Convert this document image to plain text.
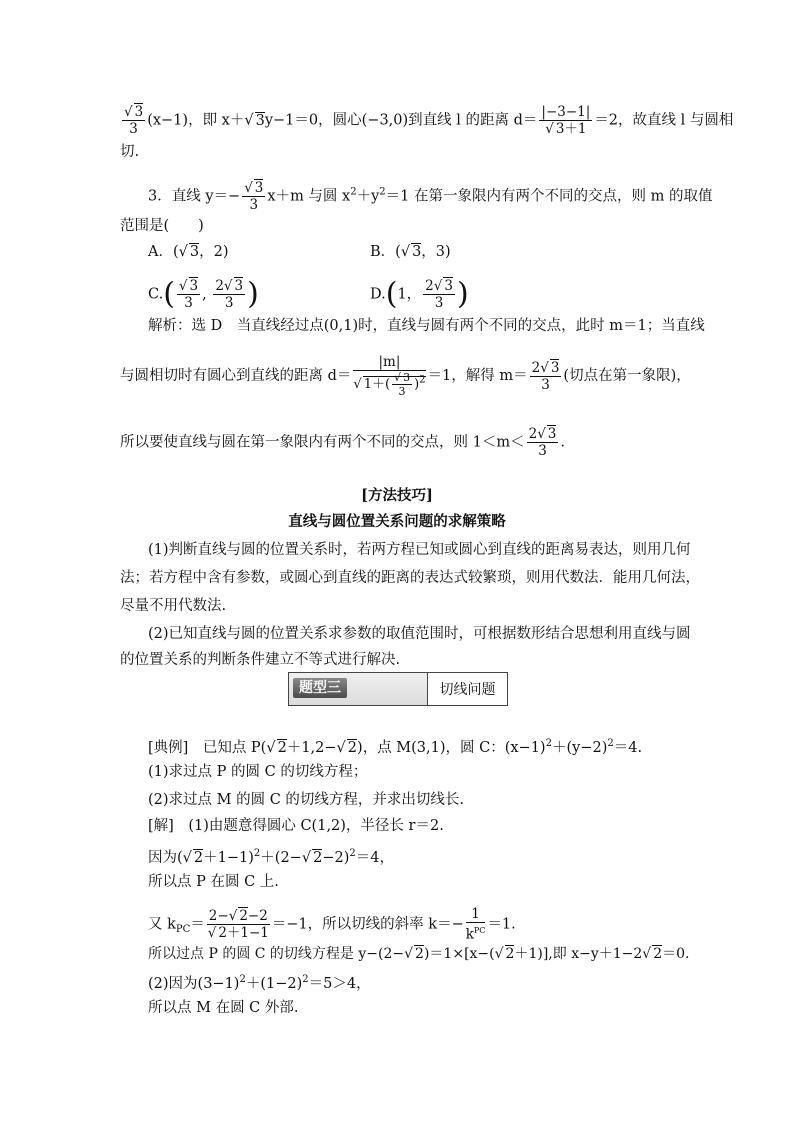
$\frac{√ 3}{3} (x-1)$，即 x＋√ 3y−1＝0，圆心(−3,0)到直线 l 的距离 $d= \frac{|-3-1|}{√ 3+1} =2$，故直线 l 与圆相
切.
3．直线 $y=- \frac{√ 3}{3} x+m$ 与圆 $x^2+y^2=1$ 在第一象限内有两个不同的交点，则 m 的取值
范围是(　　)
A．(√ 3，2)	B．(√ 3，3)
$C.( \frac{√ 3}{3}$ , $\frac{2√ 3}{3}$ )	D.(1， $\frac{2√ 3}{3}$ )
解析：选 D　当直线经过点(0,1)时，直线与圆有两个不同的交点，此时 m＝1；当直线
与圆相切时有圆心到直线的距离 $d= \frac{|m|}{√ 1+( \frac{√ 3}{3} )^2} =1$，解得 $m= \frac{2√ 3}{3}$ (切点在第一象限)，
所以要使直线与圆在第一象限内有两个不同的交点，则 $1<m< \frac{2√ 3}{3}$ .
[方法技巧]
直线与圆位置关系问题的求解策略
(1)判断直线与圆的位置关系时，若两方程已知或圆心到直线的距离易表达，则用几何
法；若方程中含有参数，或圆心到直线的距离的表达式较繁琐，则用代数法．能用几何法，
尽量不用代数法.
(2)已知直线与圆的位置关系求参数的取值范围时，可根据数形结合思想利用直线与圆
的位置关系的判断条件建立不等式进行解决.
题型三	切线问题
[典例]　已知点 P(√ 2＋1,2−√ 2)，点 M(3,1)，圆 C：$(x-1)^2+(y-2)^2=4$.
(1)求过点 P 的圆 C 的切线方程；
(2)求过点 M 的圆 C 的切线方程，并求出切线长.
[解]　(1)由题意得圆心 C(1,2)，半径长 r＝2.
因为(√ 2＋1−1)$^2$＋(2−√ 2−2)$^2$＝4，
所以点 P 在圆 C 上.
又 $k_{PC}= \frac{2-√ 2-2}{√ 2+1-1} =-1$，所以切线的斜率 k＝−
1
$k^{PC} =1$.
所以过点 P 的圆 C 的切线方程是 y−(2−√ 2)＝1×[x−(√ 2＋1)],即 x−y＋1−2√ 2＝0.
(2)因为$(3-1)^2+(1-2)^2=5>4$，
所以点 M 在圆 C 外部.
